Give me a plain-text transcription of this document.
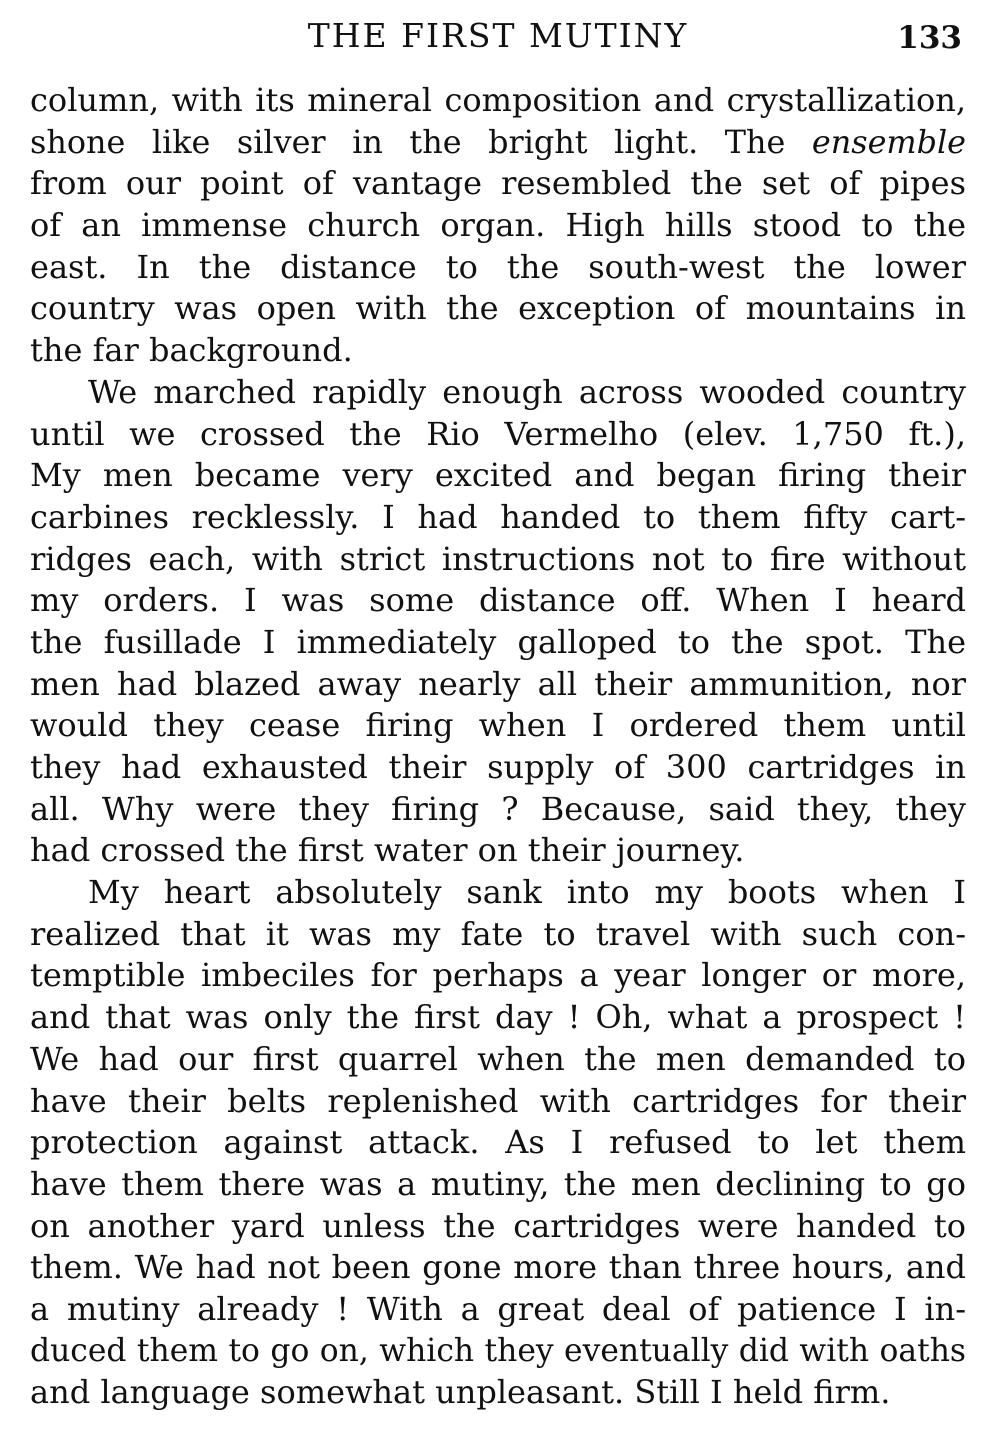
THE FIRST MUTINY	133
column, with its mineral composition and crystallization,
shone like silver in the bright light. The ensemble
from our point of vantage resembled the set of pipes
of an immense church organ. High hills stood to the
east. In the distance to the south-west the lower
country was open with the exception of mountains in
the far background.
We marched rapidly enough across wooded country
until we crossed the Rio Vermelho (elev. 1,750 ft.),
My men became very excited and began firing their
carbines recklessly. I had handed to them fifty cart-
ridges each, with strict instructions not to fire without
my orders. I was some distance off. When I heard
the fusillade I immediately galloped to the spot. The
men had blazed away nearly all their ammunition, nor
would they cease firing when I ordered them until
they had exhausted their supply of 300 cartridges in
all. Why were they firing ? Because, said they, they
had crossed the first water on their journey.
My heart absolutely sank into my boots when I
realized that it was my fate to travel with such con-
temptible imbeciles for perhaps a year longer or more,
and that was only the first day ! Oh, what a prospect !
We had our first quarrel when the men demanded to
have their belts replenished with cartridges for their
protection against attack. As I refused to let them
have them there was a mutiny, the men declining to go
on another yard unless the cartridges were handed to
them. We had not been gone more than three hours, and
a mutiny already ! With a great deal of patience I in-
duced them to go on, which they eventually did with oaths
and language somewhat unpleasant. Still I held firm.
